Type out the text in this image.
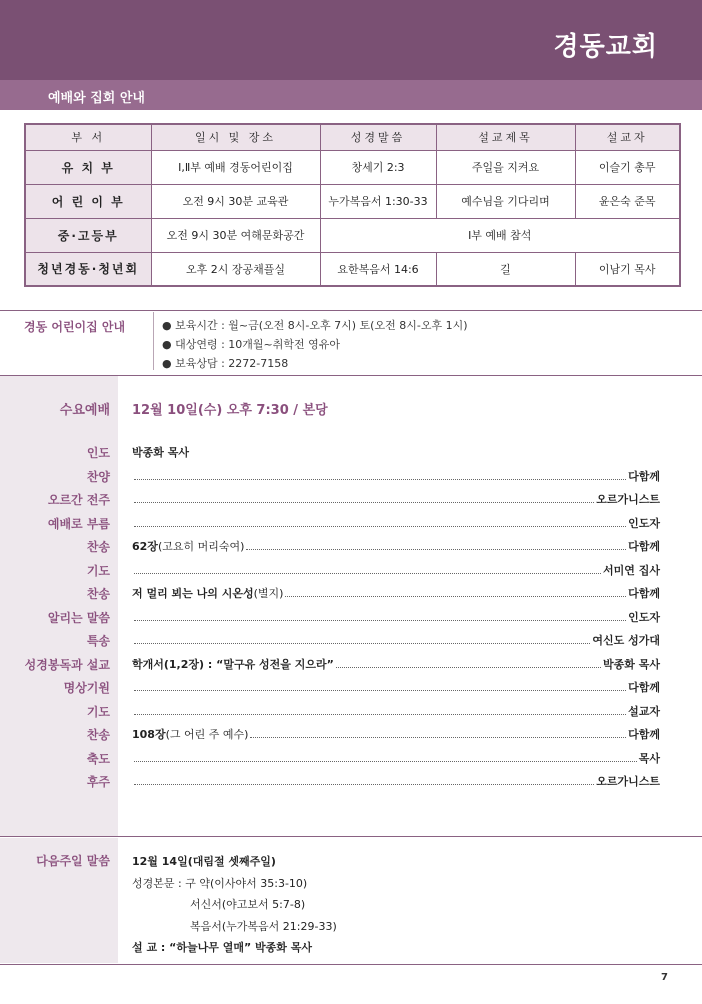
경동교회
예배와 집회 안내
부 서	일시 및 장소	성경말씀	설교제목	설교자
유 치 부	Ⅰ,Ⅱ부 예배 경동어린이집	창세기 2:3	주일을 지켜요	이슬기 총무
어 린 이 부	오전 9시 30분 교육관	누가복음서 1:30-33	예수님을 기다리며	윤은숙 준목
중·고등부	오전 9시 30분 여해문화공간	Ⅰ부 예배 참석		
청년경동·청년회	오후 2시 장공채플실	요한복음서 14:6	길	이남기 목사
경동 어린이집 안내	● 보육시간 : 월~금(오전 8시-오후 7시) 토(오전 8시-오후 1시)
● 대상연령 : 10개월~취학전 영유아
● 보육상담 : 2272-7158
수요예배 12월 10일(수) 오후 7:30 / 본당
인도	박종화 목사
찬양	다함께
오르간 전주	오르가니스트
예배로 부름	인도자
찬송	62장(고요히 머리숙여)	다함께
기도	서미연 집사
찬송	저 멀리 뵈는 나의 시온성(별지)	다함께
알리는 말씀	인도자
특송	여신도 성가대
성경봉독과 설교	학개서(1,2장) : “말구유 성전을 지으라”	박종화 목사
명상기원	다함께
기도	설교자
찬송	108장(그 어린 주 예수)	다함께
축도	목사
후주	오르가니스트
다음주일 말씀 12월 14일(대림절 셋째주일)
성경본문 : 구 약(이사야서 35:3-10)
서신서(야고보서 5:7-8)
복음서(누가복음서 21:29-33)
설 교 : “하늘나무 열매” 박종화 목사
7
